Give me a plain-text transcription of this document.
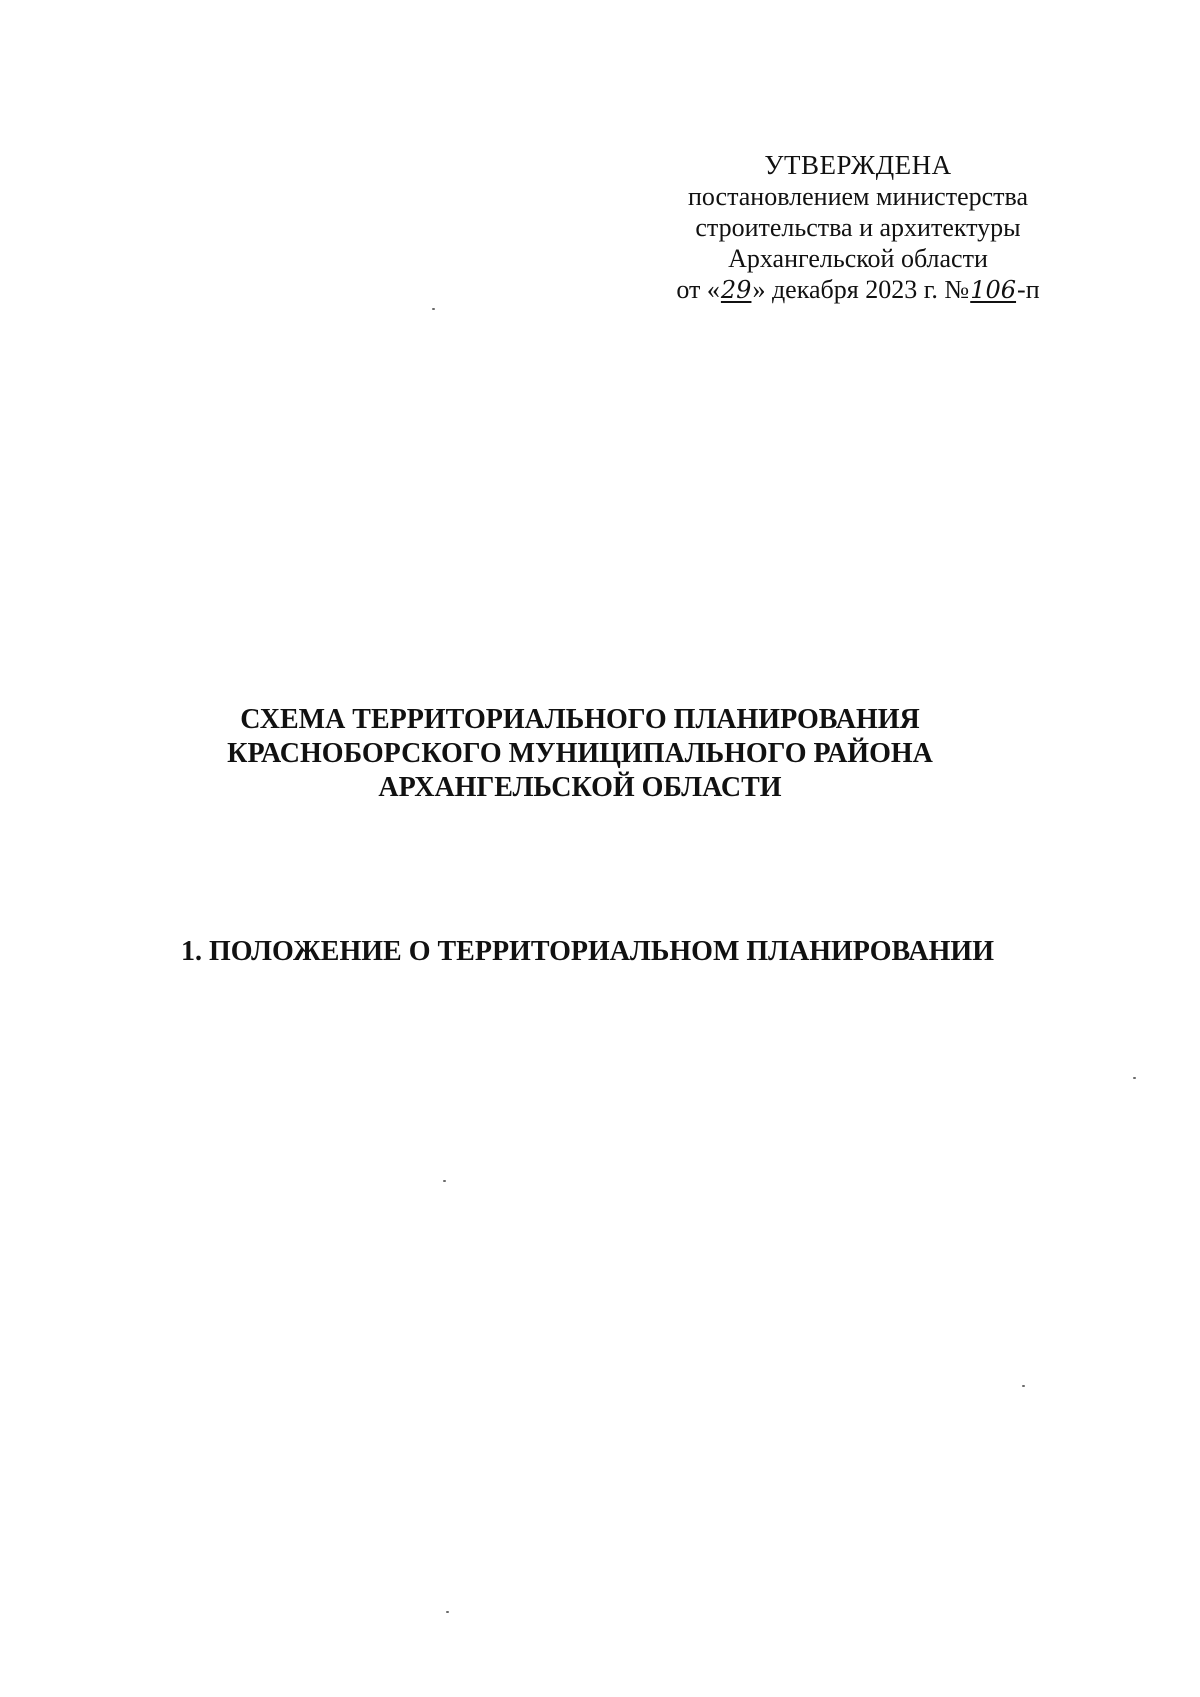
УТВЕРЖДЕНА
постановлением министерства
строительства и архитектуры
Архангельской области
от «29» декабря 2023 г. №106-п
СХЕМА ТЕРРИТОРИАЛЬНОГО ПЛАНИРОВАНИЯ
КРАСНОБОРСКОГО МУНИЦИПАЛЬНОГО РАЙОНА
АРХАНГЕЛЬСКОЙ ОБЛАСТИ
1. ПОЛОЖЕНИЕ О ТЕРРИТОРИАЛЬНОМ ПЛАНИРОВАНИИ
